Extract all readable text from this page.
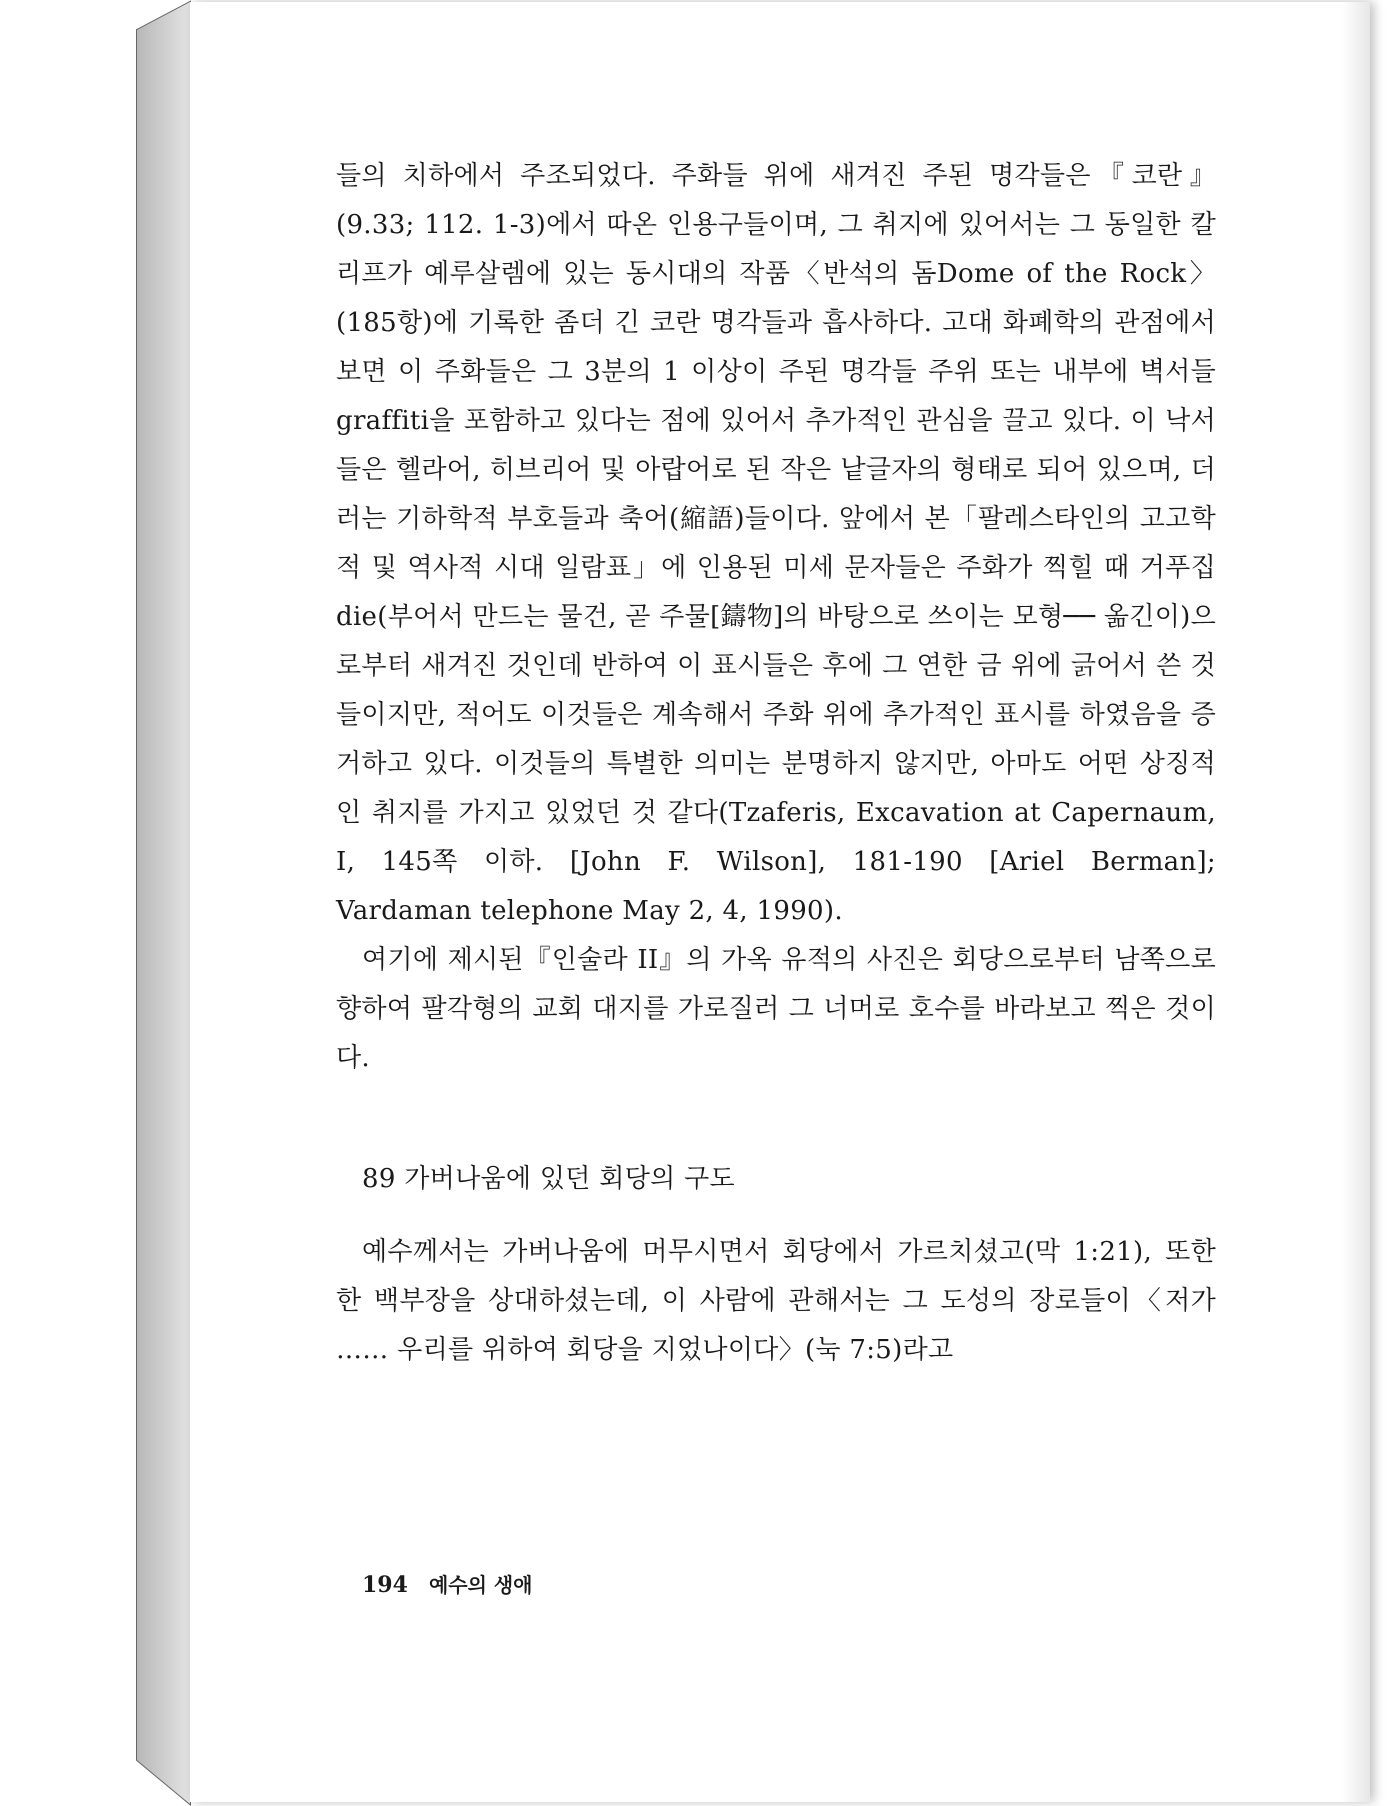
들의 치하에서 주조되었다. 주화들 위에 새겨진 주된 명각들은『코란』(9.33; 112. 1-3)에서 따온 인용구들이며, 그 취지에 있어서는 그 동일한 칼리프가 예루살렘에 있는 동시대의 작품〈반석의 돔Dome of the Rock〉(185항)에 기록한 좀더 긴 코란 명각들과 흡사하다. 고대 화폐학의 관점에서 보면 이 주화들은 그 3분의 1 이상이 주된 명각들 주위 또는 내부에 벽서들 graffiti을 포함하고 있다는 점에 있어서 추가적인 관심을 끌고 있다. 이 낙서들은 헬라어, 히브리어 및 아랍어로 된 작은 낱글자의 형태로 되어 있으며, 더러는 기하학적 부호들과 축어(縮語)들이다. 앞에서 본「팔레스타인의 고고학적 및 역사적 시대 일람표」에 인용된 미세 문자들은 주화가 찍힐 때 거푸집 die(부어서 만드는 물건, 곧 주물[鑄物]의 바탕으로 쓰이는 모형── 옮긴이)으로부터 새겨진 것인데 반하여 이 표시들은 후에 그 연한 금 위에 긁어서 쓴 것들이지만, 적어도 이것들은 계속해서 주화 위에 추가적인 표시를 하였음을 증거하고 있다. 이것들의 특별한 의미는 분명하지 않지만, 아마도 어떤 상징적인 취지를 가지고 있었던 것 같다(Tzaferis, Excavation at Capernaum, I, 145쪽 이하. [John F. Wilson], 181-190 [Ariel Berman]; Vardaman telephone May 2, 4, 1990).

여기에 제시된『인술라 II』의 가옥 유적의 사진은 회당으로부터 남쪽으로 향하여 팔각형의 교회 대지를 가로질러 그 너머로 호수를 바라보고 찍은 것이다.

89 가버나움에 있던 회당의 구도

예수께서는 가버나움에 머무시면서 회당에서 가르치셨고(막 1:21), 또한 한 백부장을 상대하셨는데, 이 사람에 관해서는 그 도성의 장로들이〈저가 …… 우리를 위하여 회당을 지었나이다〉(눅 7:5)라고

194 예수의 생애
